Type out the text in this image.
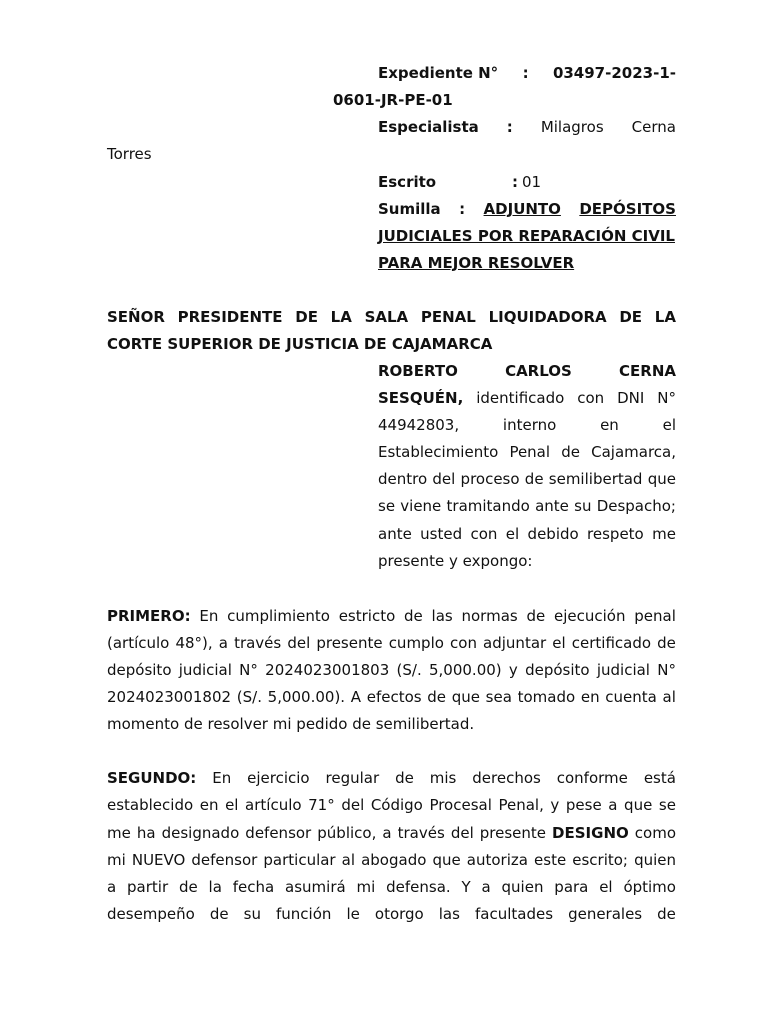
Expediente N° : 03497-2023-1-
0601-JR-PE-01
Especialista : Milagros Cerna
Torres
Escrito	: 01
Sumilla : ADJUNTO DEPÓSITOS
JUDICIALES POR REPARACIÓN CIVIL
PARA MEJOR RESOLVER
SEÑOR PRESIDENTE DE LA SALA PENAL LIQUIDADORA DE LA
CORTE SUPERIOR DE JUSTICIA DE CAJAMARCA
ROBERTO	CARLOS	CERNA
SESQUÉN, identificado con DNI N°
44942803,	interno	en	el
Establecimiento Penal de Cajamarca,
dentro del proceso de semilibertad que
se viene tramitando ante su Despacho;
ante usted con el debido respeto me
presente y expongo:
PRIMERO: En cumplimiento estricto de las normas de ejecución penal
(artículo 48°), a través del presente cumplo con adjuntar el certificado de
depósito judicial N° 2024023001803 (S/. 5,000.00) y depósito judicial N°
2024023001802 (S/. 5,000.00). A efectos de que sea tomado en cuenta al
momento de resolver mi pedido de semilibertad.
SEGUNDO: En ejercicio regular de mis derechos conforme está
establecido en el artículo 71° del Código Procesal Penal, y pese a que se
me ha designado defensor público, a través del presente DESIGNO como
mi NUEVO defensor particular al abogado que autoriza este escrito; quien
a partir de la fecha asumirá mi defensa. Y a quien para el óptimo
desempeño de su función le otorgo las facultades generales de
